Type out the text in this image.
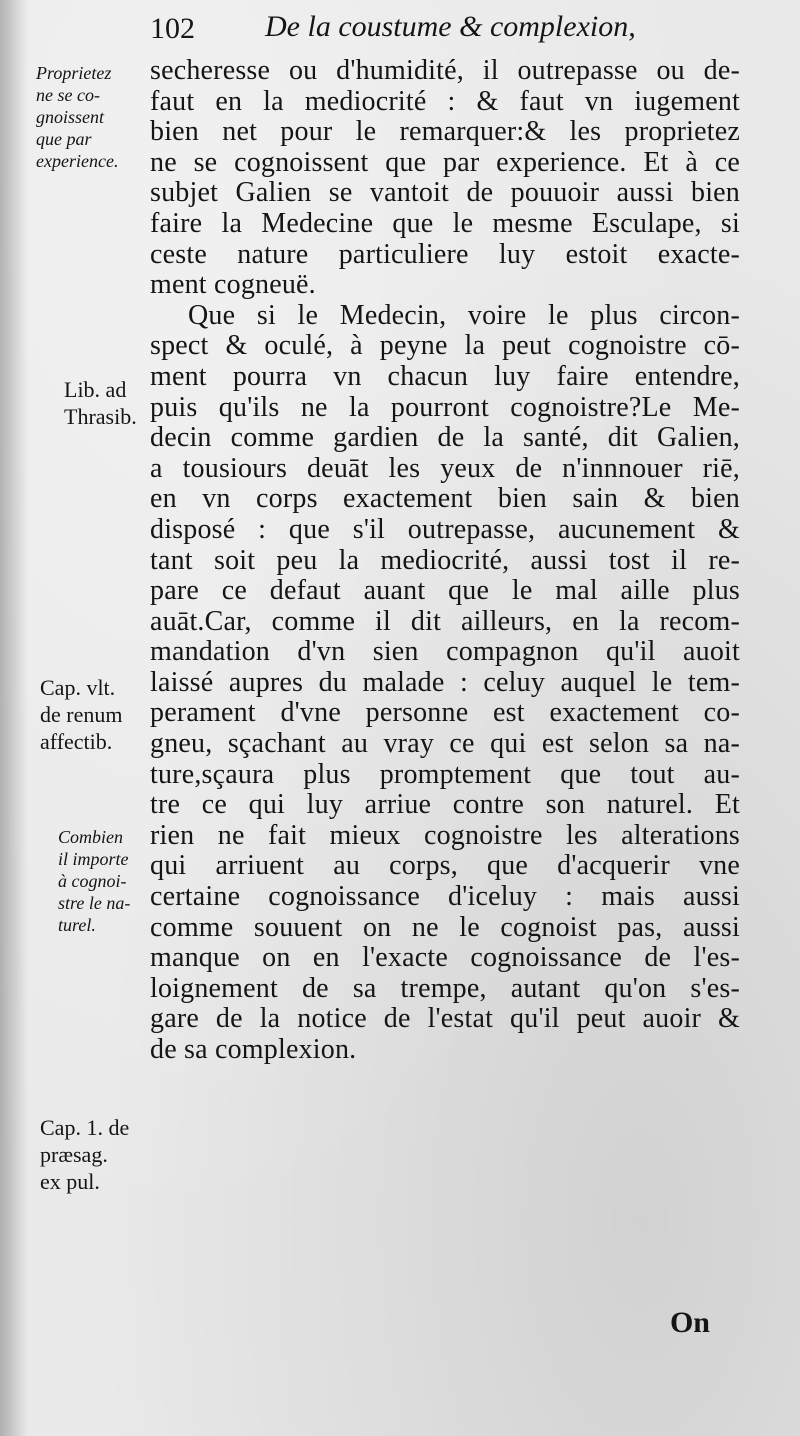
102 De la coustume & complexion,
Proprietez
ne se co-
gnoissent
que par
experience.
Lib. ad
Thrasib.
Cap. vlt.
de renum
affectib.
Combien
il importe
à cognoi-
stre le na-
turel.
Cap. 1. de
præsag.
ex pul.
secheresse ou d'humidité, il outrepasse ou de-
faut en la mediocrité : & faut vn iugement
bien net pour le remarquer:& les proprietez
ne se cognoissent que par experience. Et à ce
subjet Galien se vantoit de pouuoir aussi bien
faire la Medecine que le mesme Esculape, si
ceste nature particuliere luy estoit exacte-
ment cogneuë.
Que si le Medecin, voire le plus circon-
spect & oculé, à peyne la peut cognoistre cō-
ment pourra vn chacun luy faire entendre,
puis qu'ils ne la pourront cognoistre?Le Me-
decin comme gardien de la santé, dit Galien,
a tousiours deuāt les yeux de n'innnouer riē,
en vn corps exactement bien sain & bien
disposé : que s'il outrepasse, aucunement &
tant soit peu la mediocrité, aussi tost il re-
pare ce defaut auant que le mal aille plus
auāt.Car, comme il dit ailleurs, en la recom-
mandation d'vn sien compagnon qu'il auoit
laissé aupres du malade : celuy auquel le tem-
perament d'vne personne est exactement co-
gneu, sçachant au vray ce qui est selon sa na-
ture,sçaura plus promptement que tout au-
tre ce qui luy arriue contre son naturel. Et
rien ne fait mieux cognoistre les alterations
qui arriuent au corps, que d'acquerir vne
certaine cognoissance d'iceluy : mais aussi
comme souuent on ne le cognoist pas, aussi
manque on en l'exacte cognoissance de l'es-
loignement de sa trempe, autant qu'on s'es-
gare de la notice de l'estat qu'il peut auoir &
de sa complexion.
On
